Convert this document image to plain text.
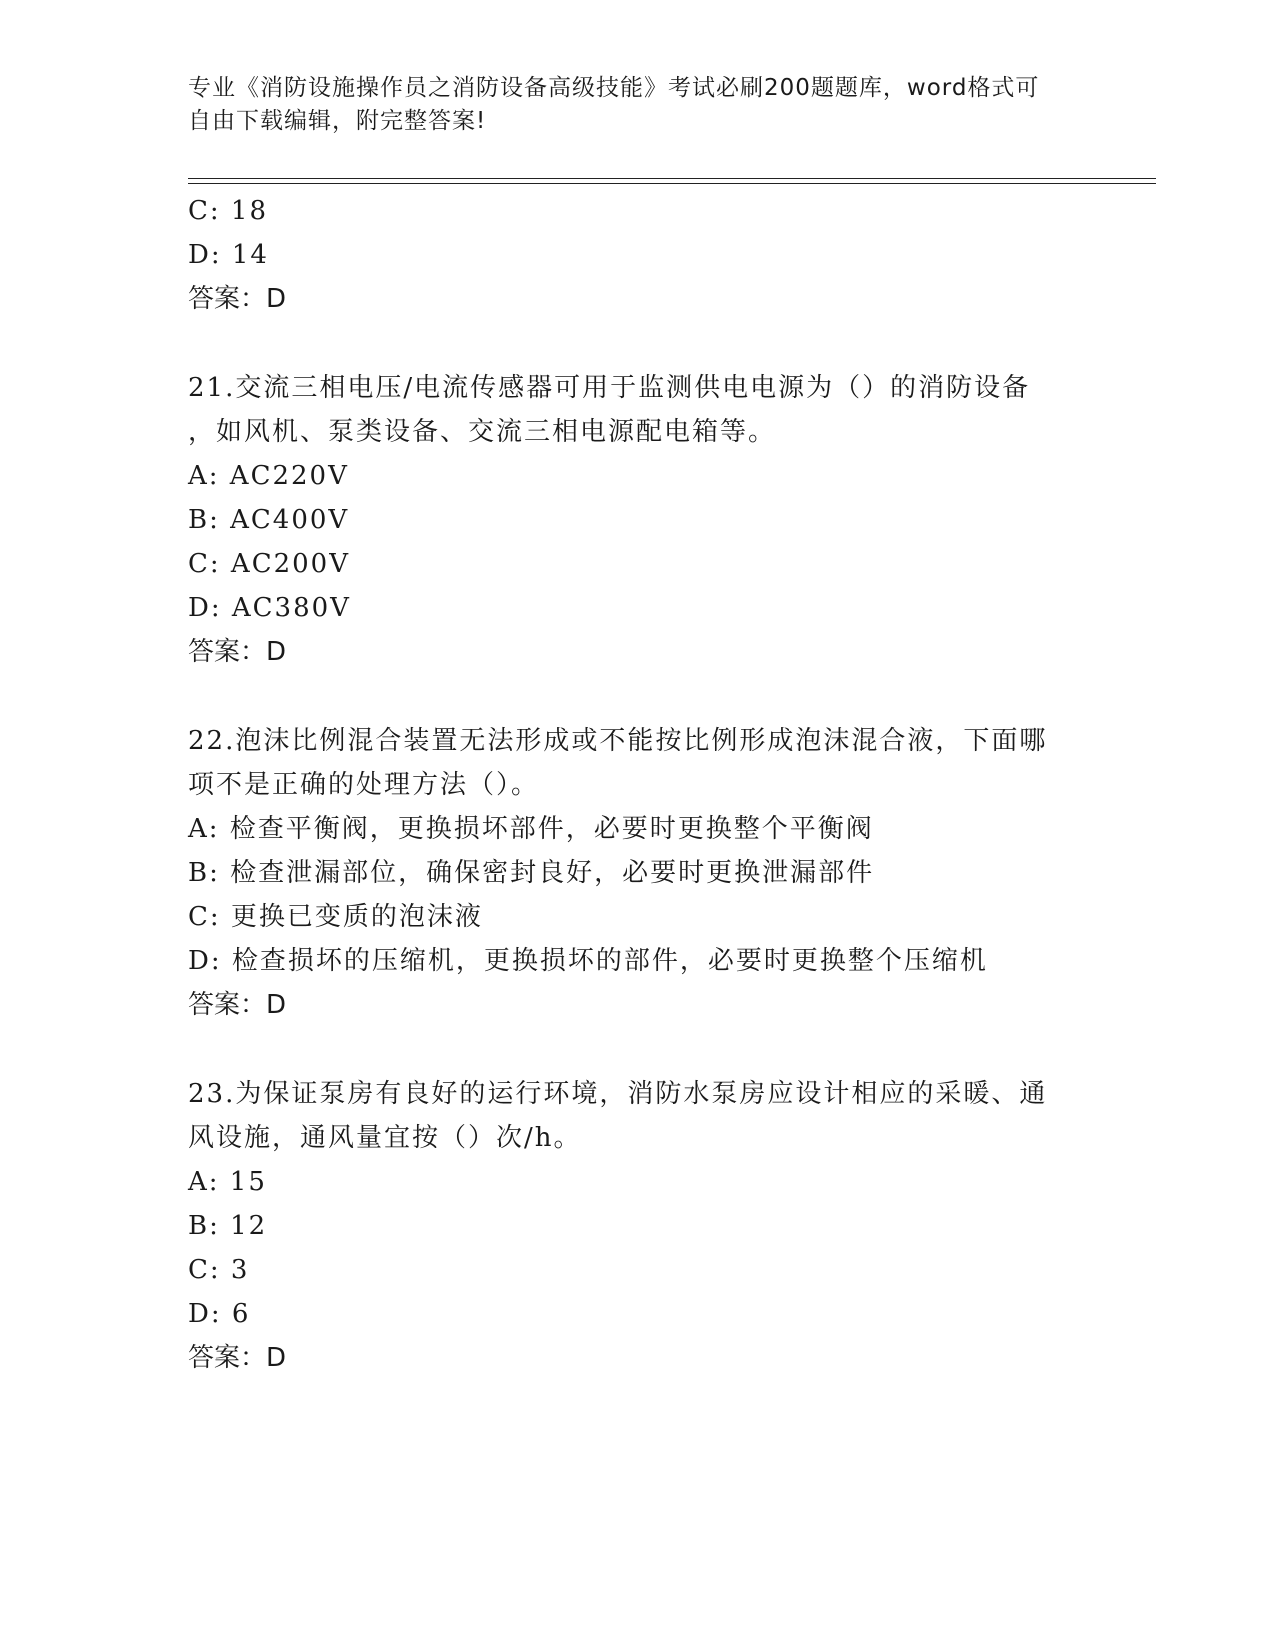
专业《消防设施操作员之消防设备高级技能》考试必刷200题题库，word格式可
自由下载编辑，附完整答案!
C: 18
D: 14
答案：D
21.交流三相电压/电流传感器可用于监测供电电源为（）的消防设备
，如风机、泵类设备、交流三相电源配电箱等。
A: AC220V
B: AC400V
C: AC200V
D: AC380V
答案：D
22.泡沫比例混合装置无法形成或不能按比例形成泡沫混合液，下面哪
项不是正确的处理方法（）。
A: 检查平衡阀，更换损坏部件，必要时更换整个平衡阀
B: 检查泄漏部位，确保密封良好，必要时更换泄漏部件
C: 更换已变质的泡沫液
D: 检查损坏的压缩机，更换损坏的部件，必要时更换整个压缩机
答案：D
23.为保证泵房有良好的运行环境，消防水泵房应设计相应的采暖、通
风设施，通风量宜按（）次/h。
A: 15
B: 12
C: 3
D: 6
答案：D
